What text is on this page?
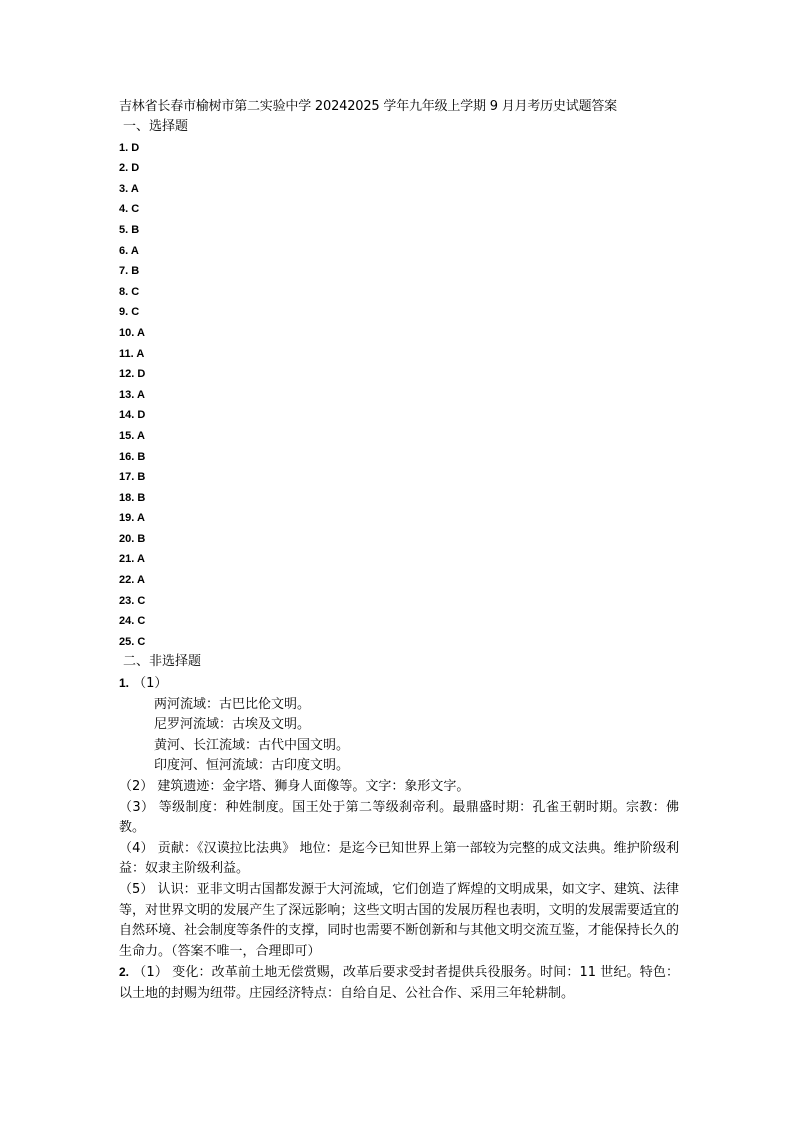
吉林省长春市榆树市第二实验中学 20242025 学年九年级上学期 9 月月考历史试题答案
一、选择题
1. D
2. D
3. A
4. C
5. B
6. A
7. B
8. C
9. C
10. A
11. A
12. D
13. A
14. D
15. A
16. B
17. B
18. B
19. A
20. B
21. A
22. A
23. C
24. C
25. C
二、非选择题
1. （1）
两河流域：古巴比伦文明。
尼罗河流域：古埃及文明。
黄河、长江流域：古代中国文明。
印度河、恒河流域：古印度文明。
（2） 建筑遗迹：金字塔、狮身人面像等。文字：象形文字。
（3） 等级制度：种姓制度。国王处于第二等级刹帝利。最鼎盛时期：孔雀王朝时期。宗教：佛教。
（4） 贡献：《汉谟拉比法典》 地位：是迄今已知世界上第一部较为完整的成文法典。维护阶级利益：奴隶主阶级利益。
（5） 认识：亚非文明古国都发源于大河流域，它们创造了辉煌的文明成果，如文字、建筑、法律等，对世界文明的发展产生了深远影响；这些文明古国的发展历程也表明，文明的发展需要适宜的自然环境、社会制度等条件的支撑，同时也需要不断创新和与其他文明交流互鉴，才能保持长久的生命力。（答案不唯一，合理即可）
2. （1） 变化：改革前土地无偿赏赐，改革后要求受封者提供兵役服务。时间：11 世纪。特色：以土地的封赐为纽带。庄园经济特点：自给自足、公社合作、采用三年轮耕制。
